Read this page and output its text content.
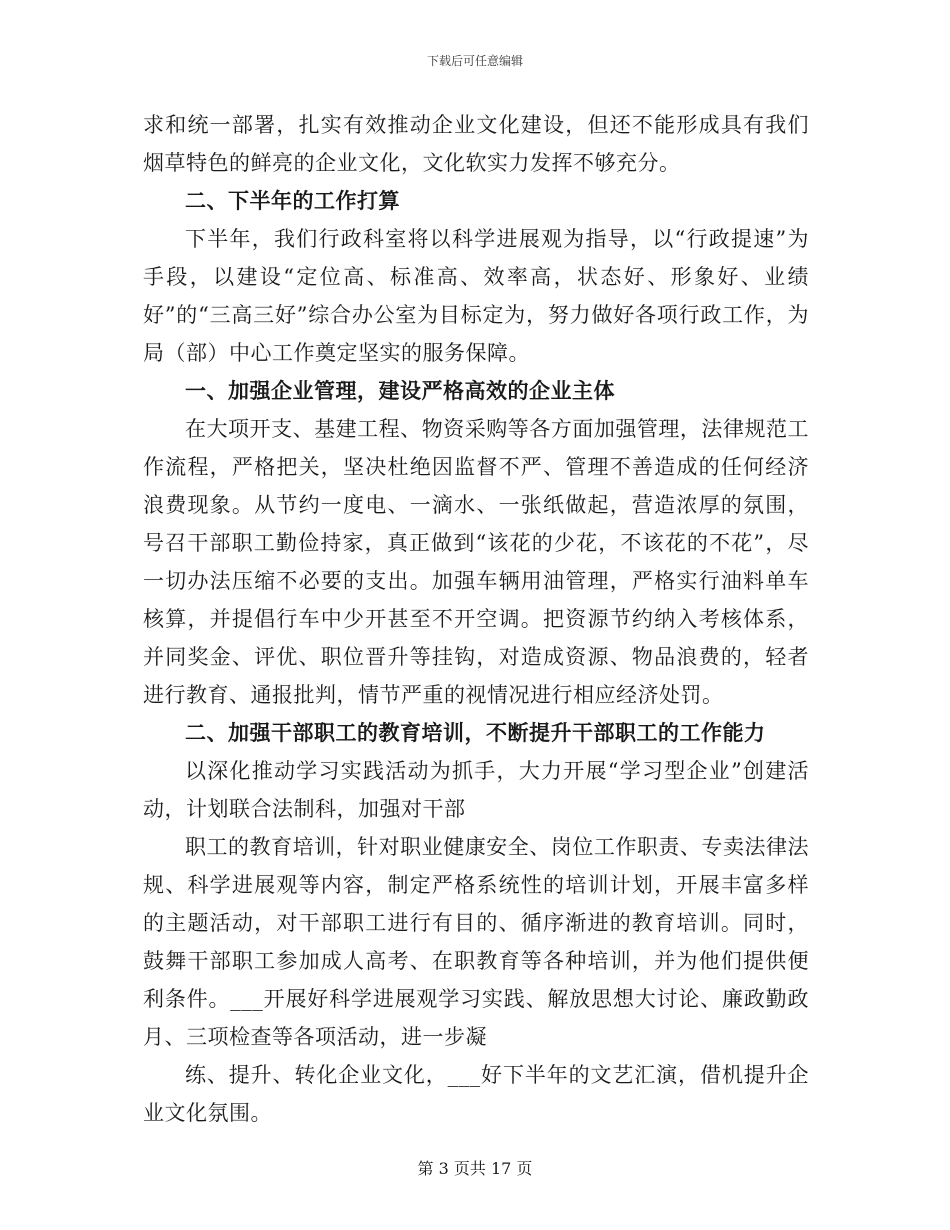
下载后可任意编辑

求和统一部署，扎实有效推动企业文化建设，但还不能形成具有我们烟草特色的鲜亮的企业文化，文化软实力发挥不够充分。

二、下半年的工作打算

下半年，我们行政科室将以科学进展观为指导，以“行政提速”为手段，以建设“定位高、标准高、效率高，状态好、形象好、业绩好”的“三高三好”综合办公室为目标定为，努力做好各项行政工作，为局（部）中心工作奠定坚实的服务保障。

一、加强企业管理，建设严格高效的企业主体

在大项开支、基建工程、物资采购等各方面加强管理，法律规范工作流程，严格把关，坚决杜绝因监督不严、管理不善造成的任何经济浪费现象。从节约一度电、一滴水、一张纸做起，营造浓厚的氛围，号召干部职工勤俭持家，真正做到“该花的少花，不该花的不花”，尽一切办法压缩不必要的支出。加强车辆用油管理，严格实行油料单车核算，并提倡行车中少开甚至不开空调。把资源节约纳入考核体系，并同奖金、评优、职位晋升等挂钩，对造成资源、物品浪费的，轻者进行教育、通报批判，情节严重的视情况进行相应经济处罚。

二、加强干部职工的教育培训，不断提升干部职工的工作能力

以深化推动学习实践活动为抓手，大力开展“学习型企业”创建活动，计划联合法制科，加强对干部

职工的教育培训，针对职业健康安全、岗位工作职责、专卖法律法规、科学进展观等内容，制定严格系统性的培训计划，开展丰富多样的主题活动，对干部职工进行有目的、循序渐进的教育培训。同时，鼓舞干部职工参加成人高考、在职教育等各种培训，并为他们提供便利条件。___开展好科学进展观学习实践、解放思想大讨论、廉政勤政月、三项检查等各项活动，进一步凝

练、提升、转化企业文化，___好下半年的文艺汇演，借机提升企业文化氛围。

第 3 页共 17 页
